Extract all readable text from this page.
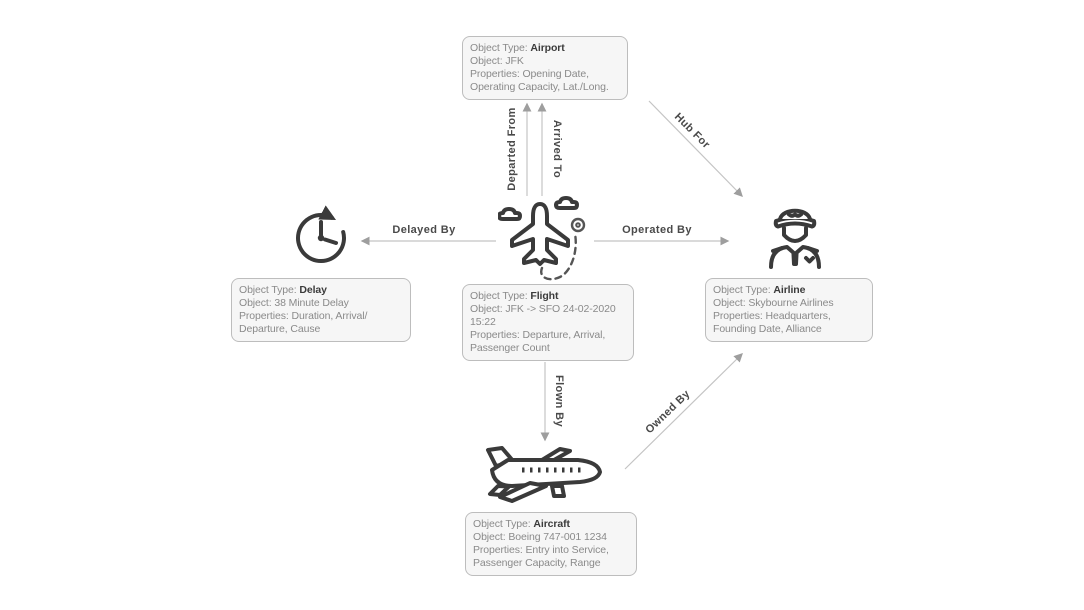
Departed From	Arrived To	Hub For
Delayed By	Operated By
Flown By	Owned By
Object Type: Airport
Object: JFK
Properties: Opening Date,
Operating Capacity, Lat./Long.
Object Type: Flight
Object: JFK -> SFO 24-02-2020
15:22
Properties: Departure, Arrival,
Passenger Count
Object Type: Delay
Object: 38 Minute Delay
Properties: Duration, Arrival/
Departure, Cause
Object Type: Airline
Object: Skybourne Airlines
Properties: Headquarters,
Founding Date, Alliance
Object Type: Aircraft
Object: Boeing 747-001 1234
Properties: Entry into Service,
Passenger Capacity, Range
